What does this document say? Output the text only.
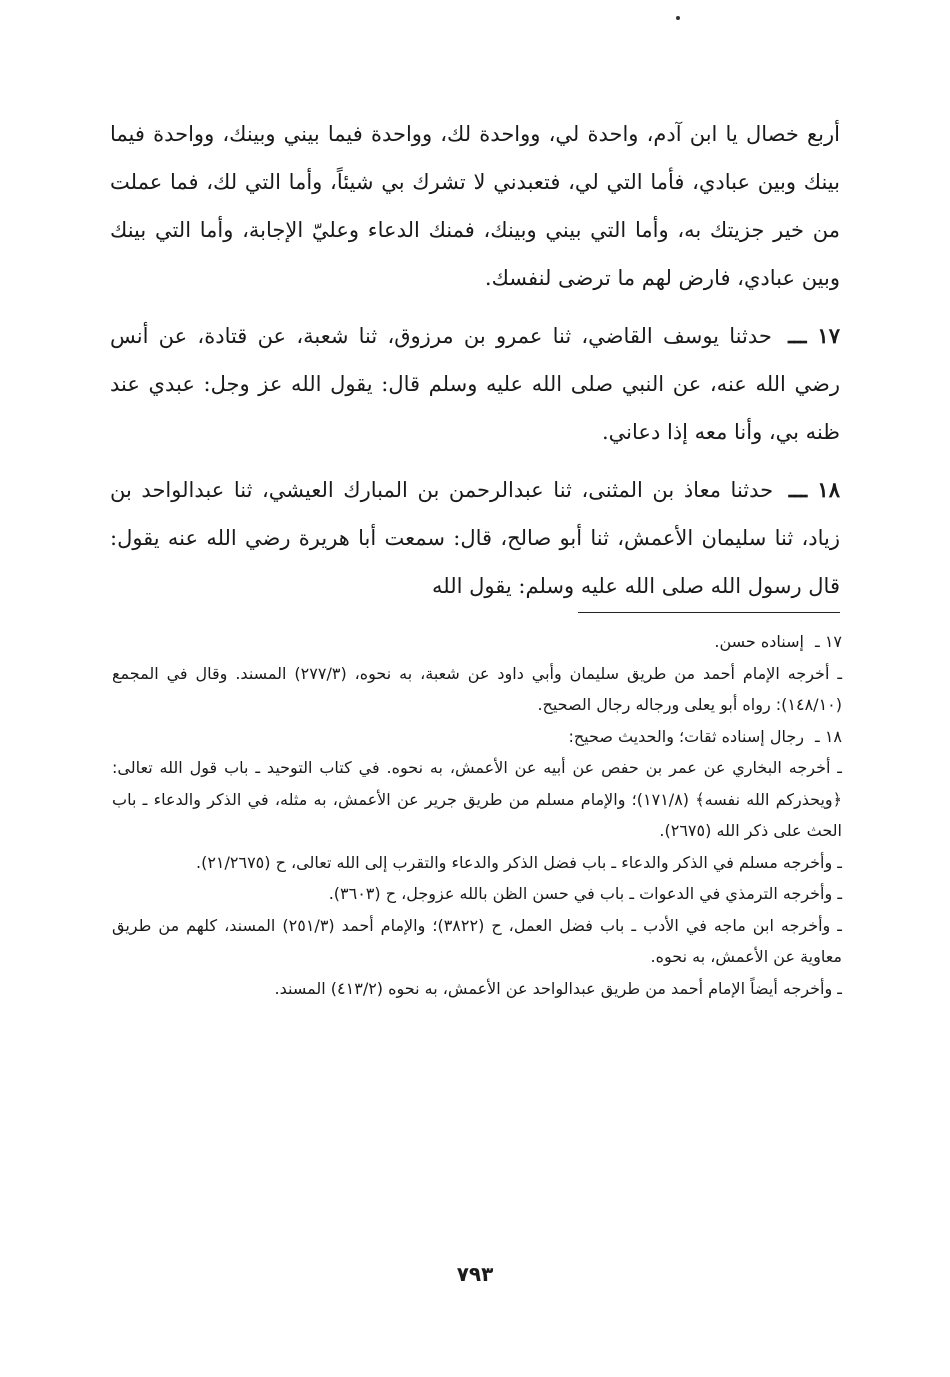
أربع خصال يا ابن آدم، واحدة لي، وواحدة لك، وواحدة فيما بيني وبينك، وواحدة فيما بينك وبين عبادي، فأما التي لي، فتعبدني لا تشرك بي شيئاً، وأما التي لك، فما عملت من خير جزيتك به، وأما التي بيني وبينك، فمنك الدعاء وعليّ الإجابة، وأما التي بينك وبين عبادي، فارض لهم ما ترضى لنفسك.

١٧ ـــ حدثنا يوسف القاضي، ثنا عمرو بن مرزوق، ثنا شعبة، عن قتادة، عن أنس رضي الله عنه، عن النبي صلى الله عليه وسلم قال: يقول الله عز وجل: عبدي عند ظنه بي، وأنا معه إذا دعاني.

١٨ ـــ حدثنا معاذ بن المثنى، ثنا عبدالرحمن بن المبارك العيشي، ثنا عبدالواحد بن زياد، ثنا سليمان الأعمش، ثنا أبو صالح، قال: سمعت أبا هريرة رضي الله عنه يقول: قال رسول الله صلى الله عليه وسلم: يقول الله

١٧ ـ إسناده حسن.

ـ أخرجه الإمام أحمد من طريق سليمان وأبي داود عن شعبة، به نحوه، (٢٧٧/٣) المسند. وقال في المجمع (١٤٨/١٠): رواه أبو يعلى ورجاله رجال الصحيح.

١٨ ـ رجال إسناده ثقات؛ والحديث صحيح:

ـ أخرجه البخاري عن عمر بن حفص عن أبيه عن الأعمش، به نحوه. في كتاب التوحيد ـ باب قول الله تعالى: ﴿ويحذركم الله نفسه﴾ (١٧١/٨)؛ والإمام مسلم من طريق جرير عن الأعمش، به مثله، في الذكر والدعاء ـ باب الحث على ذكر الله (٢٦٧٥).

ـ وأخرجه مسلم في الذكر والدعاء ـ باب فضل الذكر والدعاء والتقرب إلى الله تعالى، ح (٢١/٢٦٧٥).

ـ وأخرجه الترمذي في الدعوات ـ باب في حسن الظن بالله عزوجل، ح (٣٦٠٣).

ـ وأخرجه ابن ماجه في الأدب ـ باب فضل العمل، ح (٣٨٢٢)؛ والإمام أحمد (٢٥١/٣) المسند، كلهم من طريق معاوية عن الأعمش، به نحوه.

ـ وأخرجه أيضاً الإمام أحمد من طريق عبدالواحد عن الأعمش، به نحوه (٤١٣/٢) المسند.

٧٩٣
